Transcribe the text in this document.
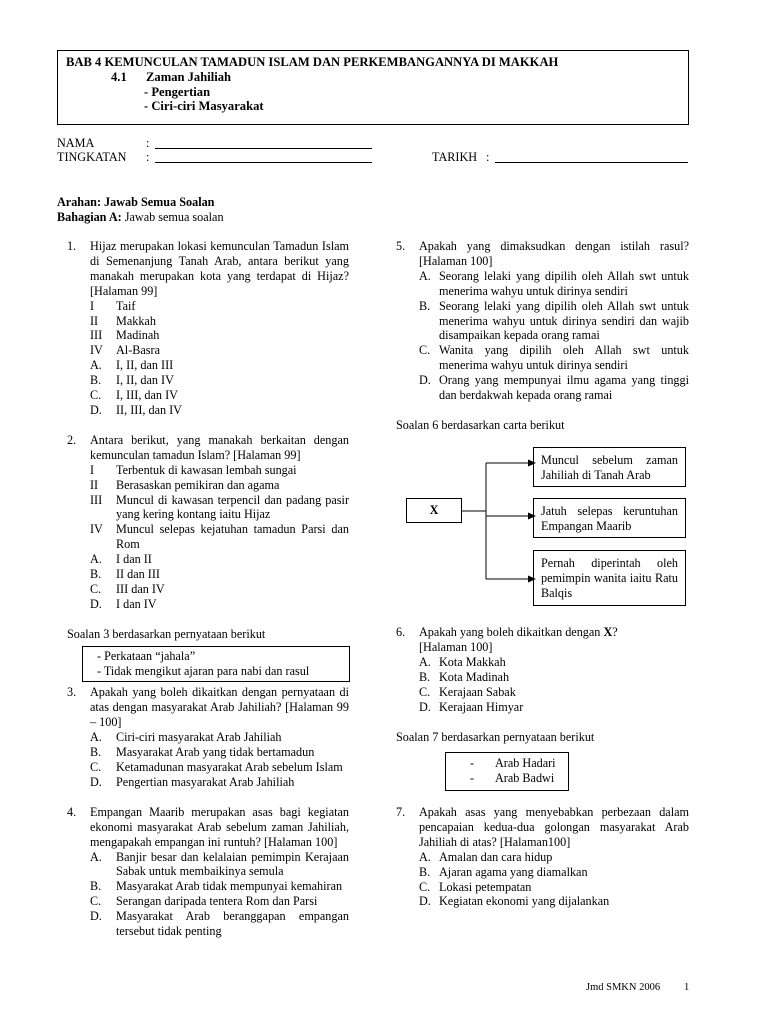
BAB 4 KEMUNCULAN TAMADUN ISLAM DAN PERKEMBANGANNYA DI MAKKAH
4.1 Zaman Jahiliah
- Pengertian
- Ciri-ciri Masyarakat
NAMA	:
TINGKATAN :	TARIKH :
Arahan: Jawab Semua Soalan
Bahagian A: Jawab semua soalan
1. Hijaz merupakan lokasi kemunculan Tamadun Islam di Semenanjung Tanah Arab, antara berikut yang manakah merupakan kota yang terdapat di Hijaz? [Halaman 99]
I Taif
II Makkah
III Madinah
IV Al-Basra
A. I, II, dan III
B. I, II, dan IV
C. I, III, dan IV
D. II, III, dan IV
2. Antara berikut, yang manakah berkaitan dengan kemunculan tamadun Islam? [Halaman 99]
I Terbentuk di kawasan lembah sungai
II Berasaskan pemikiran dan agama
III Muncul di kawasan terpencil dan padang pasir yang kering kontang iaitu Hijaz
IV Muncul selepas kejatuhan tamadun Parsi dan Rom
A. I dan II
B. II dan III
C. III dan IV
D. I dan IV
Soalan 3 berdasarkan pernyataan berikut
- Perkataan “jahala”
- Tidak mengikut ajaran para nabi dan rasul
3. Apakah yang boleh dikaitkan dengan pernyataan di atas dengan masyarakat Arab Jahiliah? [Halaman 99 – 100]
A. Ciri-ciri masyarakat Arab Jahiliah
B. Masyarakat Arab yang tidak bertamadun
C. Ketamadunan masyarakat Arab sebelum Islam
D. Pengertian masyarakat Arab Jahiliah
4. Empangan Maarib merupakan asas bagi kegiatan ekonomi masyarakat Arab sebelum zaman Jahiliah, mengapakah empangan ini runtuh? [Halaman 100]
A. Banjir besar dan kelalaian pemimpin Kerajaan Sabak untuk membaikinya semula
B. Masyarakat Arab tidak mempunyai kemahiran
C. Serangan daripada tentera Rom dan Parsi
D. Masyarakat Arab beranggapan empangan tersebut tidak penting
5. Apakah yang dimaksudkan dengan istilah rasul? [Halaman 100]
A. Seorang lelaki yang dipilih oleh Allah swt untuk menerima wahyu untuk dirinya sendiri
B. Seorang lelaki yang dipilih oleh Allah swt untuk menerima wahyu untuk dirinya sendiri dan wajib disampaikan kepada orang ramai
C. Wanita yang dipilih oleh Allah swt untuk menerima wahyu untuk dirinya sendiri
D. Orang yang mempunyai ilmu agama yang tinggi dan berdakwah kepada orang ramai
Soalan 6 berdasarkan carta berikut
X
Muncul sebelum zaman Jahiliah di Tanah Arab
Jatuh selepas keruntuhan Empangan Maarib
Pernah diperintah oleh pemimpin wanita iaitu Ratu Balqis
6. Apakah yang boleh dikaitkan dengan X?
[Halaman 100]
A. Kota Makkah
B. Kota Madinah
C. Kerajaan Sabak
D. Kerajaan Himyar
Soalan 7 berdasarkan pernyataan berikut
- Arab Hadari
- Arab Badwi
7. Apakah asas yang menyebabkan perbezaan dalam pencapaian kedua-dua golongan masyarakat Arab Jahiliah di atas? [Halaman100]
A. Amalan dan cara hidup
B. Ajaran agama yang diamalkan
C. Lokasi petempatan
D. Kegiatan ekonomi yang dijalankan
Jmd SMKN 2006 1
